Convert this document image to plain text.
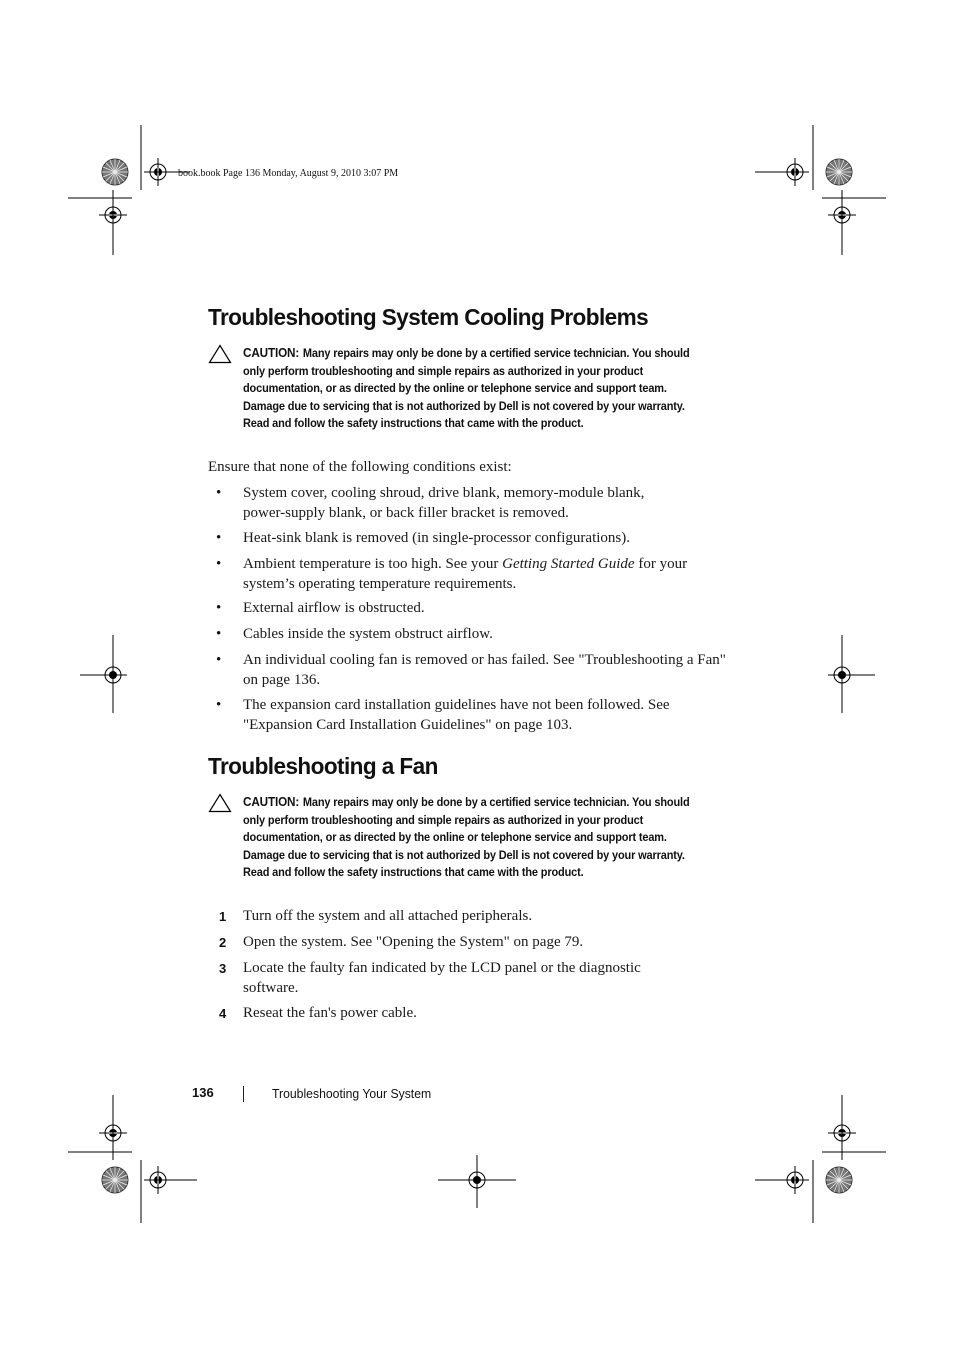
book.book Page 136 Monday, August 9, 2010 3:07 PM
Troubleshooting System Cooling Problems
CAUTION: Many repairs may only be done by a certified service technician. You should only perform troubleshooting and simple repairs as authorized in your product documentation, or as directed by the online or telephone service and support team. Damage due to servicing that is not authorized by Dell is not covered by your warranty. Read and follow the safety instructions that came with the product.
Ensure that none of the following conditions exist:
• System cover, cooling shroud, drive blank, memory-module blank, power-supply blank, or back filler bracket is removed.
• Heat-sink blank is removed (in single-processor configurations).
• Ambient temperature is too high. See your Getting Started Guide for your system’s operating temperature requirements.
• External airflow is obstructed.
• Cables inside the system obstruct airflow.
• An individual cooling fan is removed or has failed. See "Troubleshooting a Fan" on page 136.
• The expansion card installation guidelines have not been followed. See "Expansion Card Installation Guidelines" on page 103.
Troubleshooting a Fan
CAUTION: Many repairs may only be done by a certified service technician. You should only perform troubleshooting and simple repairs as authorized in your product documentation, or as directed by the online or telephone service and support team. Damage due to servicing that is not authorized by Dell is not covered by your warranty. Read and follow the safety instructions that came with the product.
1 Turn off the system and all attached peripherals.
2 Open the system. See "Opening the System" on page 79.
3 Locate the faulty fan indicated by the LCD panel or the diagnostic software.
4 Reseat the fan's power cable.
136	Troubleshooting Your System
